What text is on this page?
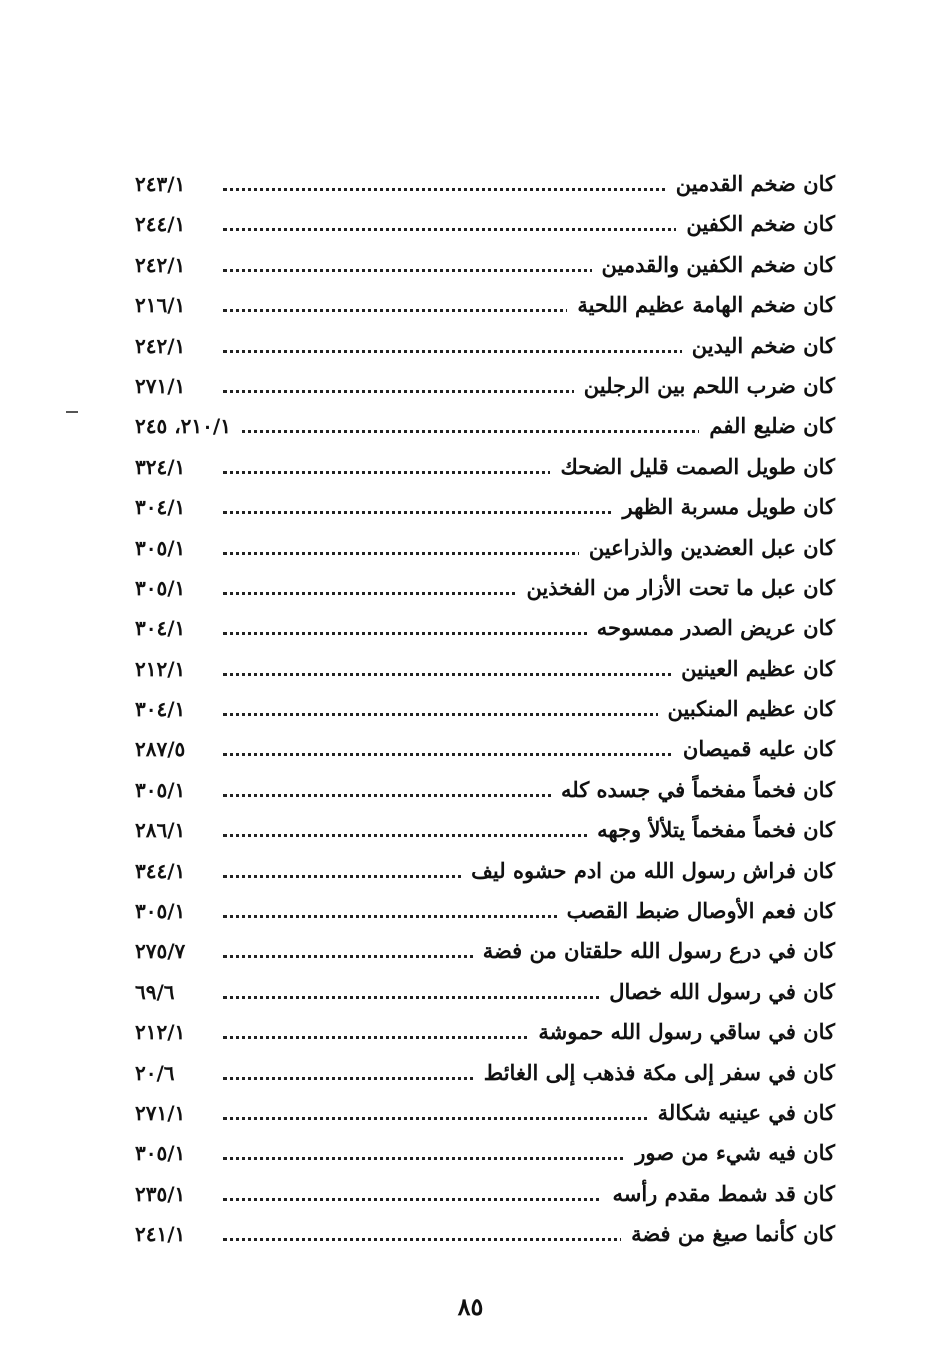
كان ضخم القدمين
٢٤٣/١
كان ضخم الكفين
٢٤٤/١
كان ضخم الكفين والقدمين
٢٤٢/١
كان ضخم الهامة عظيم اللحية
٢١٦/١
كان ضخم اليدين
٢٤٢/١
كان ضرب اللحم بين الرجلين
٢٧١/١
كان ضليع الفم
٢١٠/١، ٢٤٥
كان طويل الصمت قليل الضحك
٣٢٤/١
كان طويل مسربة الظهر
٣٠٤/١
كان عبل العضدين والذراعين
٣٠٥/١
كان عبل ما تحت الأزار من الفخذين
٣٠٥/١
كان عريض الصدر ممسوحه
٣٠٤/١
كان عظيم العينين
٢١٢/١
كان عظيم المنكبين
٣٠٤/١
كان عليه قميصان
٢٨٧/٥
كان فخماً مفخماً في جسده كله
٣٠٥/١
كان فخماً مفخماً يتلألأ وجهه
٢٨٦/١
كان فراش رسول الله من ادم حشوه ليف
٣٤٤/١
كان فعم الأوصال ضبط القصب
٣٠٥/١
كان في درع رسول الله حلقتان من فضة
٢٧٥/٧
كان في رسول الله خصال
٦٩/٦
كان في ساقي رسول الله حموشة
٢١٢/١
كان في سفر إلى مكة فذهب إلى الغائط
٢٠/٦
كان في عينيه شكالة
٢٧١/١
كان فيه شيء من صور
٣٠٥/١
كان قد شمط مقدم رأسه
٢٣٥/١
كان كأنما صيغ من فضة
٢٤١/١
٨٥
